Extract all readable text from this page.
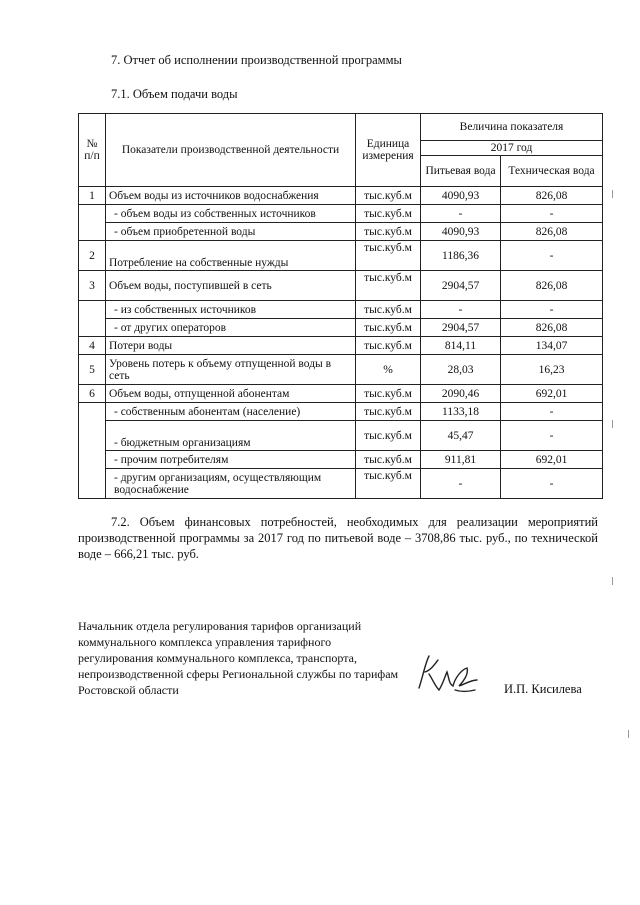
7. Отчет об исполнении производственной программы
7.1. Объем подачи воды
№ п/п	Показатели производственной деятельности	Единица измерения	Величина показателя	
			2017 год	
			Питьевая вода	Техническая вода
1	Объем воды из источников водоснабжения	тыс.куб.м	4090,93	826,08
	- объем воды из собственных источников	тыс.куб.м	-	-
	- объем приобретенной воды	тыс.куб.м	4090,93	826,08
2	Потребление на собственные нужды	тыс.куб.м	1186,36	-
3	Объем воды, поступившей в сеть	тыс.куб.м	2904,57	826,08
	- из собственных источников	тыс.куб.м	-	-
	- от других операторов	тыс.куб.м	2904,57	826,08
4	Потери воды	тыс.куб.м	814,11	134,07
5	Уровень потерь к объему отпущенной воды в сеть	%	28,03	16,23
6	Объем воды, отпущенной абонентам	тыс.куб.м	2090,46	692,01
	- собственным абонентам (население)	тыс.куб.м	1133,18	-
	- бюджетным организациям	тыс.куб.м	45,47	-
	- прочим потребителям	тыс.куб.м	911,81	692,01
	- другим организациям, осуществляющим водоснабжение	тыс.куб.м	-	-
7.2. Объем финансовых потребностей, необходимых для реализации мероприятий производственной программы за 2017 год по питьевой воде – 3708,86 тыс. руб., по технической воде – 666,21 тыс. руб.
Начальник отдела регулирования тарифов организаций коммунального комплекса управления тарифного регулирования коммунального комплекса, транспорта, непроизводственной сферы Региональной службы по тарифам Ростовской области	И.П. Кисилева
